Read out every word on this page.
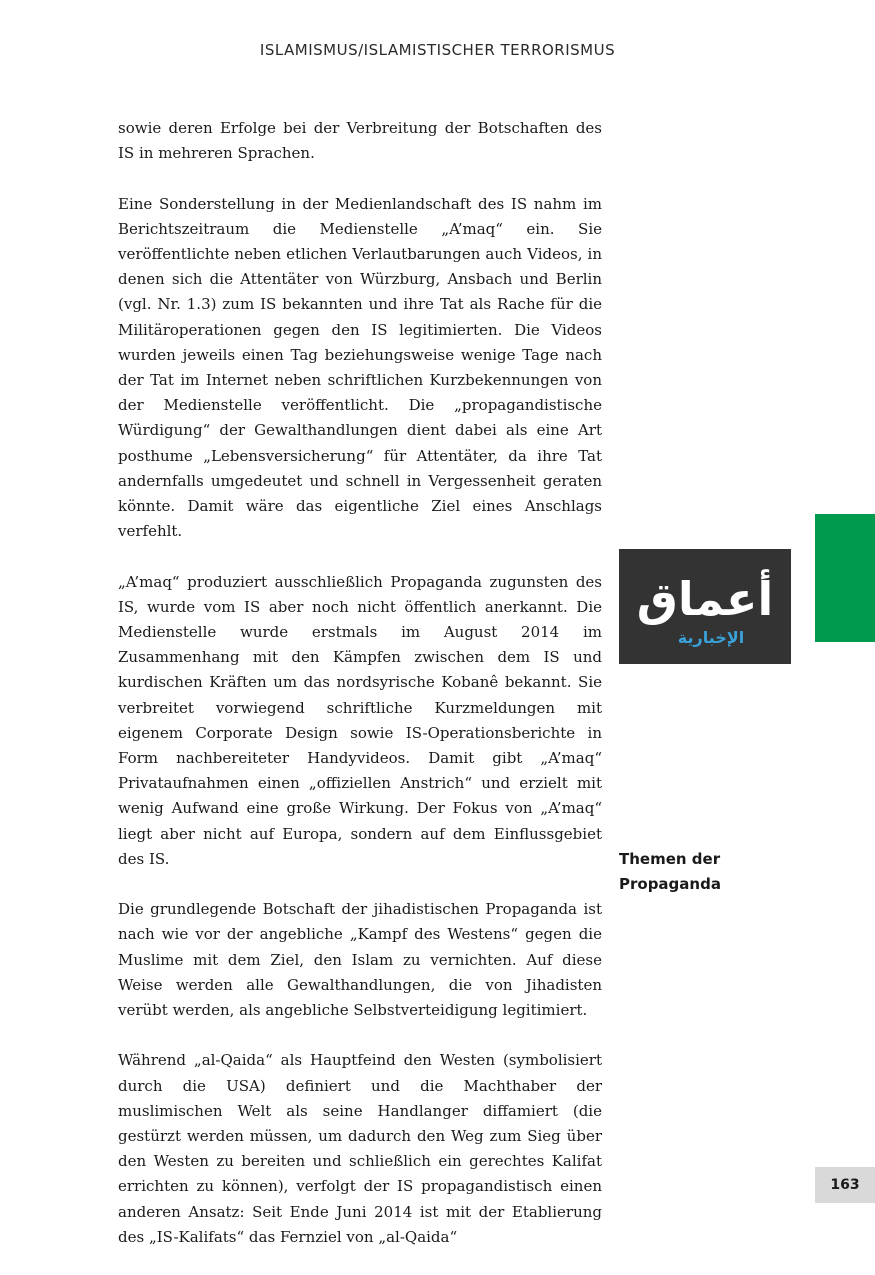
ISLAMISMUS/ISLAMISTISCHER TERRORISMUS

sowie deren Erfolge bei der Verbreitung der Botschaften des IS in mehreren Sprachen.

Eine Sonderstellung in der Medienlandschaft des IS nahm im Berichtszeitraum die Medienstelle „A’maq“ ein. Sie veröffentlichte neben etlichen Verlautbarungen auch Videos, in denen sich die Attentäter von Würzburg, Ansbach und Berlin (vgl. Nr. 1.3) zum IS bekannten und ihre Tat als Rache für die Militäroperationen gegen den IS legitimierten. Die Videos wurden jeweils einen Tag beziehungsweise wenige Tage nach der Tat im Internet neben schriftlichen Kurzbekennungen von der Medienstelle veröffentlicht. Die „propagandistische Würdigung“ der Gewalthandlungen dient dabei als eine Art posthume „Lebensversicherung“ für Attentäter, da ihre Tat andernfalls umgedeutet und schnell in Vergessenheit geraten könnte. Damit wäre das eigentliche Ziel eines Anschlags verfehlt.

„A’maq“ produziert ausschließlich Propaganda zugunsten des IS, wurde vom IS aber noch nicht öffentlich anerkannt. Die Medienstelle wurde erstmals im August 2014 im Zusammenhang mit den Kämpfen zwischen dem IS und kurdischen Kräften um das nordsyrische Kobanê bekannt. Sie verbreitet vorwiegend schriftliche Kurzmeldungen mit eigenem Corporate Design sowie IS-Operationsberichte in Form nachbereiteter Handyvideos. Damit gibt „A’maq“ Privataufnahmen einen „offiziellen Anstrich“ und erzielt mit wenig Aufwand eine große Wirkung. Der Fokus von „A’maq“ liegt aber nicht auf Europa, sondern auf dem Einflussgebiet des IS.

Die grundlegende Botschaft der jihadistischen Propaganda ist nach wie vor der angebliche „Kampf des Westens“ gegen die Muslime mit dem Ziel, den Islam zu vernichten. Auf diese Weise werden alle Gewalthandlungen, die von Jihadisten verübt werden, als angebliche Selbstverteidigung legitimiert.

Während „al-Qaida“ als Hauptfeind den Westen (symbolisiert durch die USA) definiert und die Machthaber der muslimischen Welt als seine Handlanger diffamiert (die gestürzt werden müssen, um dadurch den Weg zum Sieg über den Westen zu bereiten und schließlich ein gerechtes Kalifat errichten zu können), verfolgt der IS propagandistisch einen anderen Ansatz: Seit Ende Juni 2014 ist mit der Etablierung des „IS-Kalifats“ das Fernziel von „al-Qaida“

أعماق
الإخبارية
Themen der
Propaganda
163
